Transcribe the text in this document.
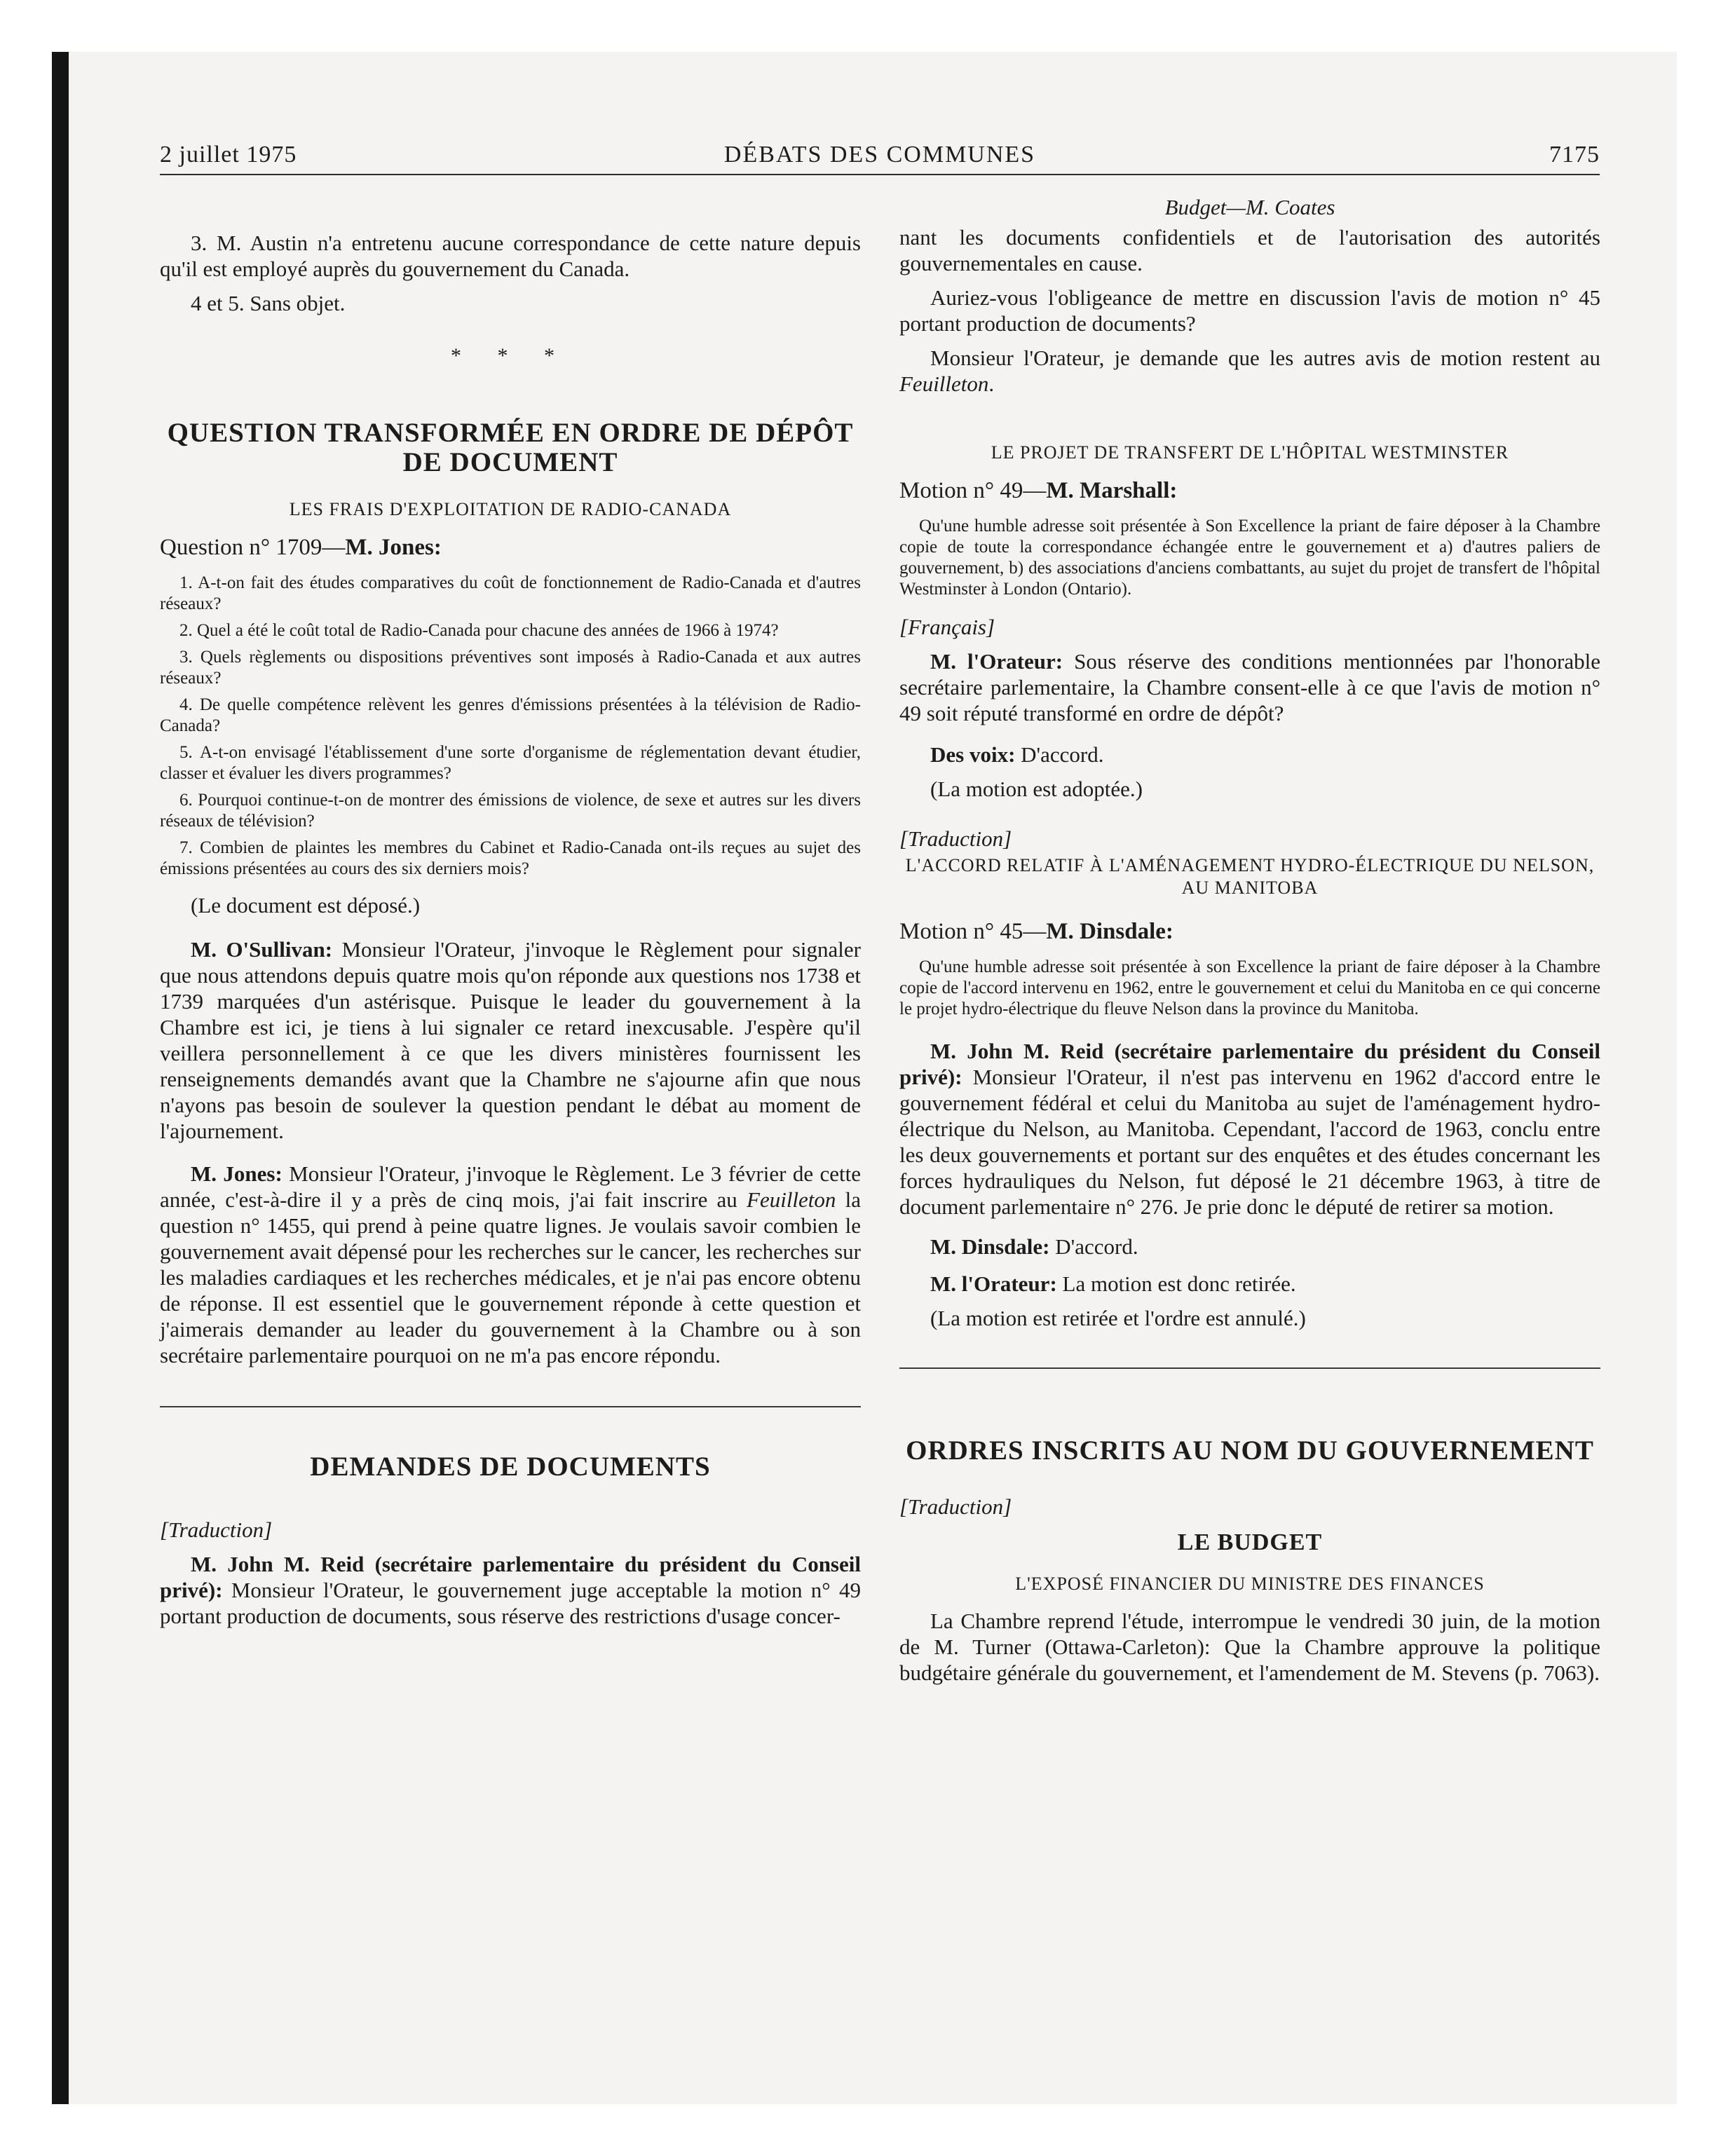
2 juillet 1975	DÉBATS DES COMMUNES	7175

3. M. Austin n'a entretenu aucune correspondance de cette nature depuis qu'il est employé auprès du gouvernement du Canada.

4 et 5. Sans objet.

* * *
QUESTION TRANSFORMÉE EN ORDRE DE DÉPÔT DE DOCUMENT
LES FRAIS D'EXPLOITATION DE RADIO-CANADA

Question n° 1709—M. Jones:

1. A-t-on fait des études comparatives du coût de fonctionnement de Radio-Canada et d'autres réseaux?

2. Quel a été le coût total de Radio-Canada pour chacune des années de 1966 à 1974?

3. Quels règlements ou dispositions préventives sont imposés à Radio-Canada et aux autres réseaux?

4. De quelle compétence relèvent les genres d'émissions présentées à la télévision de Radio-Canada?

5. A-t-on envisagé l'établissement d'une sorte d'organisme de réglementation devant étudier, classer et évaluer les divers programmes?

6. Pourquoi continue-t-on de montrer des émissions de violence, de sexe et autres sur les divers réseaux de télévision?

7. Combien de plaintes les membres du Cabinet et Radio-Canada ont-ils reçues au sujet des émissions présentées au cours des six derniers mois?

(Le document est déposé.)

M. O'Sullivan: Monsieur l'Orateur, j'invoque le Règlement pour signaler que nous attendons depuis quatre mois qu'on réponde aux questions nos 1738 et 1739 marquées d'un astérisque. Puisque le leader du gouvernement à la Chambre est ici, je tiens à lui signaler ce retard inexcusable. J'espère qu'il veillera personnellement à ce que les divers ministères fournissent les renseignements demandés avant que la Chambre ne s'ajourne afin que nous n'ayons pas besoin de soulever la question pendant le débat au moment de l'ajournement.

M. Jones: Monsieur l'Orateur, j'invoque le Règlement. Le 3 février de cette année, c'est-à-dire il y a près de cinq mois, j'ai fait inscrire au Feuilleton la question n° 1455, qui prend à peine quatre lignes. Je voulais savoir combien le gouvernement avait dépensé pour les recherches sur le cancer, les recherches sur les maladies cardiaques et les recherches médicales, et je n'ai pas encore obtenu de réponse. Il est essentiel que le gouvernement réponde à cette question et j'aimerais demander au leader du gouvernement à la Chambre ou à son secrétaire parlementaire pourquoi on ne m'a pas encore répondu.

DEMANDES DE DOCUMENTS

[Traduction]

M. John M. Reid (secrétaire parlementaire du président du Conseil privé): Monsieur l'Orateur, le gouvernement juge acceptable la motion n° 49 portant production de documents, sous réserve des restrictions d'usage concer-

Budget—M. Coates

nant les documents confidentiels et de l'autorisation des autorités gouvernementales en cause.

Auriez-vous l'obligeance de mettre en discussion l'avis de motion n° 45 portant production de documents?

Monsieur l'Orateur, je demande que les autres avis de motion restent au Feuilleton.

LE PROJET DE TRANSFERT DE L'HÔPITAL WESTMINSTER

Motion n° 49—M. Marshall:

Qu'une humble adresse soit présentée à Son Excellence la priant de faire déposer à la Chambre copie de toute la correspondance échangée entre le gouvernement et a) d'autres paliers de gouvernement, b) des associations d'anciens combattants, au sujet du projet de transfert de l'hôpital Westminster à London (Ontario).

[Français]

M. l'Orateur: Sous réserve des conditions mentionnées par l'honorable secrétaire parlementaire, la Chambre consent-elle à ce que l'avis de motion n° 49 soit réputé transformé en ordre de dépôt?

Des voix: D'accord.

(La motion est adoptée.)

[Traduction]

L'ACCORD RELATIF À L'AMÉNAGEMENT HYDRO-ÉLECTRIQUE DU NELSON, AU MANITOBA

Motion n° 45—M. Dinsdale:

Qu'une humble adresse soit présentée à son Excellence la priant de faire déposer à la Chambre copie de l'accord intervenu en 1962, entre le gouvernement et celui du Manitoba en ce qui concerne le projet hydro-électrique du fleuve Nelson dans la province du Manitoba.

M. John M. Reid (secrétaire parlementaire du président du Conseil privé): Monsieur l'Orateur, il n'est pas intervenu en 1962 d'accord entre le gouvernement fédéral et celui du Manitoba au sujet de l'aménagement hydro-électrique du Nelson, au Manitoba. Cependant, l'accord de 1963, conclu entre les deux gouvernements et portant sur des enquêtes et des études concernant les forces hydrauliques du Nelson, fut déposé le 21 décembre 1963, à titre de document parlementaire n° 276. Je prie donc le député de retirer sa motion.

M. Dinsdale: D'accord.

M. l'Orateur: La motion est donc retirée.

(La motion est retirée et l'ordre est annulé.)

ORDRES INSCRITS AU NOM DU GOUVERNEMENT

[Traduction]

LE BUDGET
L'EXPOSÉ FINANCIER DU MINISTRE DES FINANCES

La Chambre reprend l'étude, interrompue le vendredi 30 juin, de la motion de M. Turner (Ottawa-Carleton): Que la Chambre approuve la politique budgétaire générale du gouvernement, et l'amendement de M. Stevens (p. 7063).
